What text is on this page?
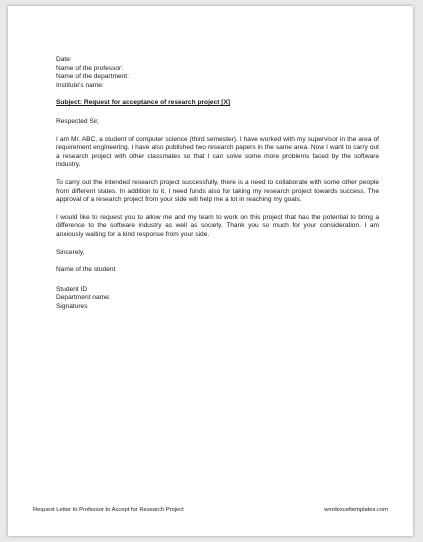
Date:
Name of the professor:
Name of the department:
Institute's name:
Subject: Request for acceptance of research project [X]
Respected Sir,
I am Mr. ABC, a student of computer science (third semester). I have worked with my supervisor in the area of requirement engineering. I have also published two research papers in the same area. Now I want to carry out a research project with other classmates so that I can solve some more problems faced by the software industry.
To carry out the intended research project successfully, there is a need to collaborate with some other people from different states. In addition to it, I need funds also for taking my research project towards success. The approval of a research project from your side will help me a lot in reaching my goals.
I would like to request you to allow me and my team to work on this project that has the potential to bring a difference to the software industry as well as society. Thank you so much for your consideration. I am anxiously waiting for a kind response from your side.
Sincerely,
Name of the student
Student ID
Department name:
Signatures
Request Letter to Professor to Accept for Research Project	wordexceltemplates.com
